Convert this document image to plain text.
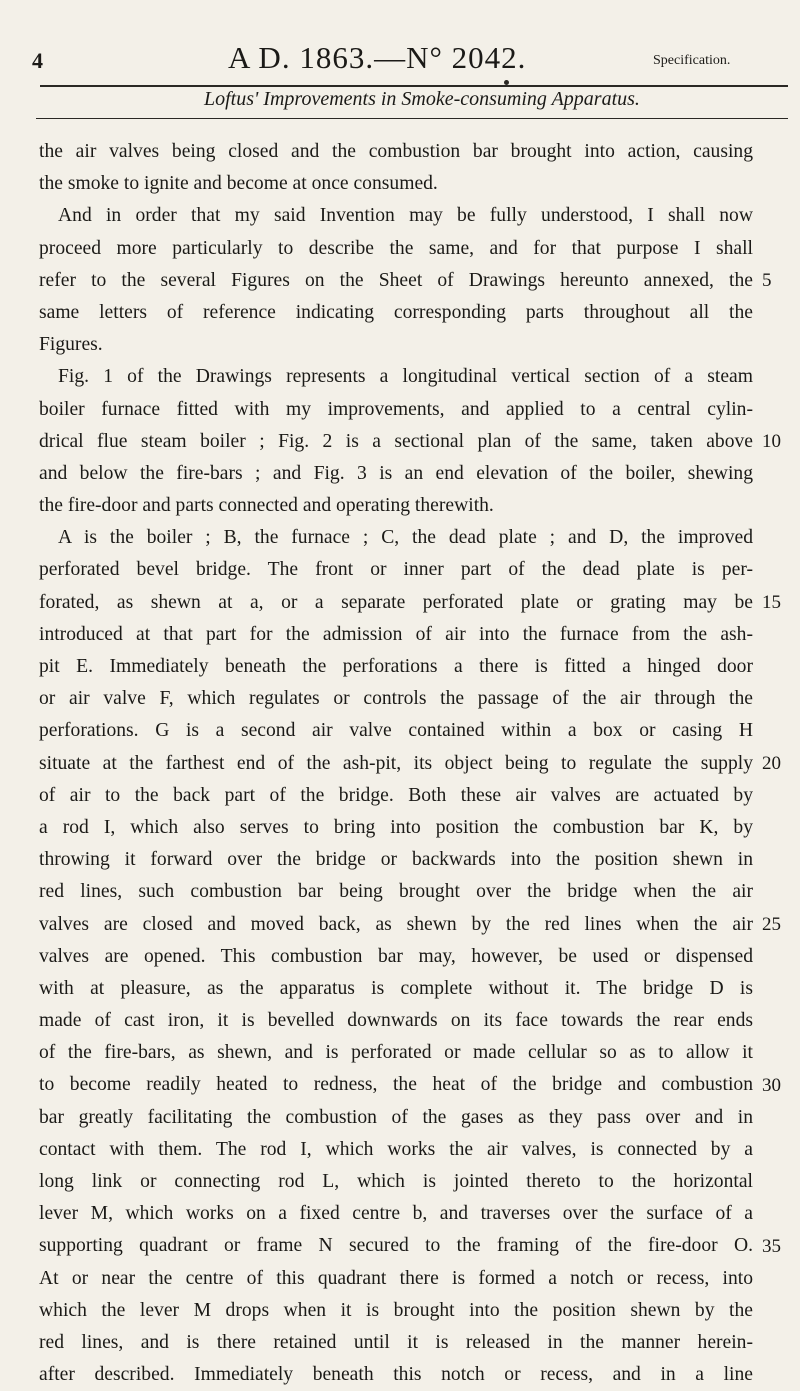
4	A D. 1863.—N° 2042.	Specification.
Loftus' Improvements in Smoke-consuming Apparatus.
the air valves being closed and the combustion bar brought into action, causing
the smoke to ignite and become at once consumed.
And in order that my said Invention may be fully understood, I shall now
proceed more particularly to describe the same, and for that purpose I shall
refer to the several Figures on the Sheet of Drawings hereunto annexed, the
same letters of reference indicating corresponding parts throughout all the
Figures.
Fig. 1 of the Drawings represents a longitudinal vertical section of a steam
boiler furnace fitted with my improvements, and applied to a central cylin-
drical flue steam boiler ; Fig. 2 is a sectional plan of the same, taken above
and below the fire-bars ; and Fig. 3 is an end elevation of the boiler, shewing
the fire-door and parts connected and operating therewith.
A is the boiler ; B, the furnace ; C, the dead plate ; and D, the improved
perforated bevel bridge. The front or inner part of the dead plate is per-
forated, as shewn at a, or a separate perforated plate or grating may be
introduced at that part for the admission of air into the furnace from the ash-
pit E. Immediately beneath the perforations a there is fitted a hinged door
or air valve F, which regulates or controls the passage of the air through the
perforations. G is a second air valve contained within a box or casing H
situate at the farthest end of the ash-pit, its object being to regulate the supply
of air to the back part of the bridge. Both these air valves are actuated by
a rod I, which also serves to bring into position the combustion bar K, by
throwing it forward over the bridge or backwards into the position shewn in
red lines, such combustion bar being brought over the bridge when the air
valves are closed and moved back, as shewn by the red lines when the air
valves are opened. This combustion bar may, however, be used or dispensed
with at pleasure, as the apparatus is complete without it. The bridge D is
made of cast iron, it is bevelled downwards on its face towards the rear ends
of the fire-bars, as shewn, and is perforated or made cellular so as to allow it
to become readily heated to redness, the heat of the bridge and combustion
bar greatly facilitating the combustion of the gases as they pass over and in
contact with them. The rod I, which works the air valves, is connected by a
long link or connecting rod L, which is jointed thereto to the horizontal
lever M, which works on a fixed centre b, and traverses over the surface of a
supporting quadrant or frame N secured to the framing of the fire-door O.
At or near the centre of this quadrant there is formed a notch or recess, into
which the lever M drops when it is brought into the position shewn by the
red lines, and is there retained until it is released in the manner herein-
after described. Immediately beneath this notch or recess, and in a line
5
10
15
20
25
30
35
